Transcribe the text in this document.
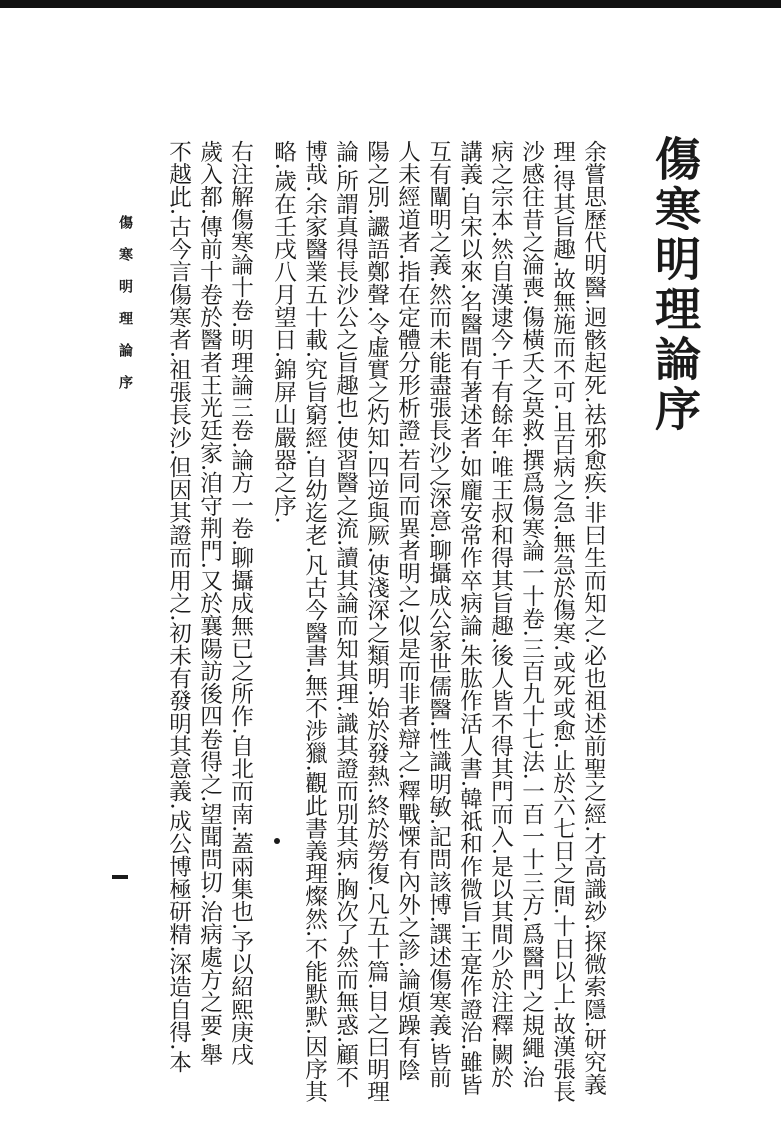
傷寒明理論序
余嘗思歷代明醫.迥骸起死.祛邪愈疾.非曰生而知之.必也祖述前聖之經.才高識玅.探微索隱.研究義
理.得其旨趣.故無施而不可.且百病之急.無急於傷寒.或死或愈.止於六七日之間.十日以上.故漢張長
沙感往昔之淪喪.傷橫夭之莫救.撰爲傷寒論一十卷.三百九十七法.一百一十三方.爲醫門之規繩.治
病之宗本.然自漢逮今.千有餘年.唯王叔和得其旨趣.後人皆不得其門而入.是以其間少於注釋.闕於
講義.自宋以來.名醫間有著述者.如龐安常作卒病論.朱肱作活人書.韓祗和作微旨.王寔作證治.雖皆
互有闡明之義.然而未能盡張長沙之深意.聊攝成公家世儒醫.性識明敏.記問該博.譔述傷寒義.皆前
人未經道者.指在定體分形析證.若同而異者明之.似是而非者辯之.釋戰慄有內外之診.論煩躁有陰
陽之別.讝語鄭聲.令虛實之灼知.四逆與厥.使淺深之類明.始於發熱.終於勞復.凡五十篇.目之曰明理
論.所謂真得長沙公之旨趣也.使習醫之流.讀其論而知其理.識其證而別其病.胸次了然而無惑.顧不
博哉.余家醫業五十載.究旨窮經.自幼迄老.凡古今醫書.無不涉獵.觀此書義理燦然.不能默默.因序其
略.歲在壬戌八月望日.錦屏山嚴器之序.
右注解傷寒論十卷.明理論三卷.論方一卷.聊攝成無已之所作.自北而南.蓋兩集也.予以紹熙庚戌
歲入都.傳前十卷於醫者王光廷家.洎守荆門.又於襄陽訪後四卷得之.望聞問切.治病處方之要.舉
不越此.古今言傷寒者.祖張長沙.但因其證而用之.初未有發明其意義.成公博極研精.深造自得.本
傷寒明理論序
